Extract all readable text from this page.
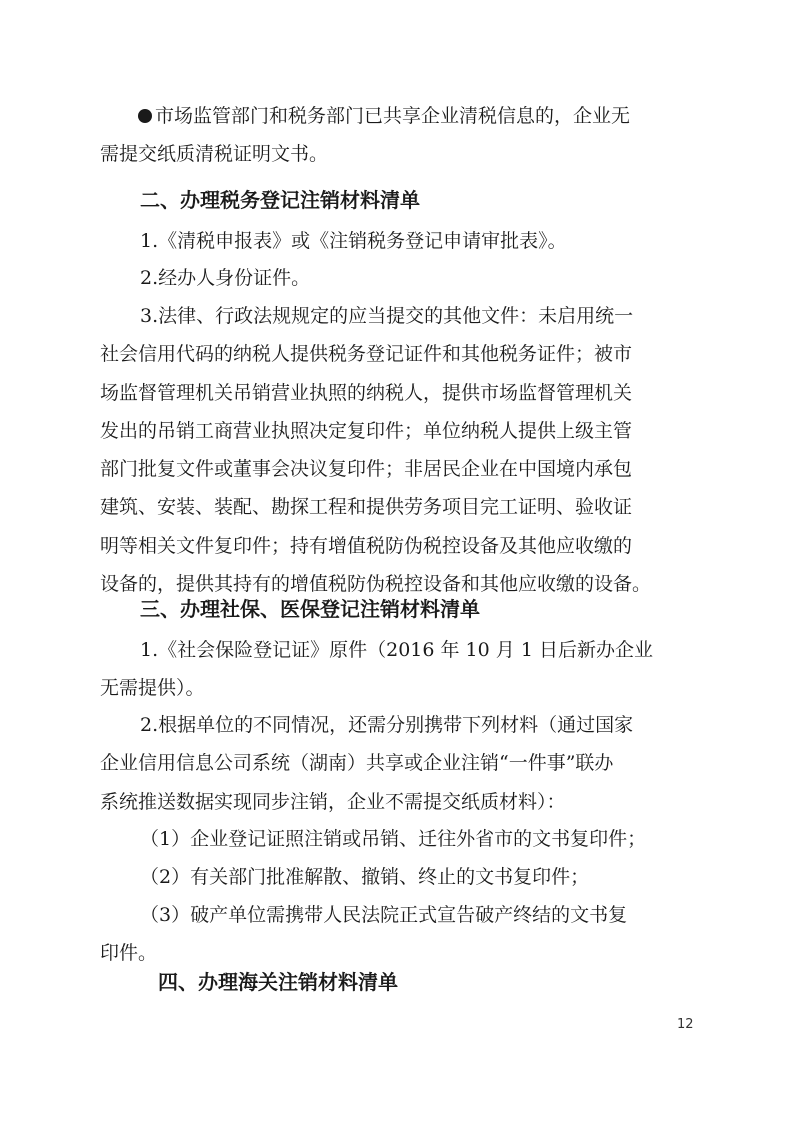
市场监管部门和税务部门已共享企业清税信息的，企业无
需提交纸质清税证明文书。
二、办理税务登记注销材料清单
1.《清税申报表》或《注销税务登记申请审批表》。
2.经办人身份证件。
3.法律、行政法规规定的应当提交的其他文件：未启用统一
社会信用代码的纳税人提供税务登记证件和其他税务证件；被市
场监督管理机关吊销营业执照的纳税人，提供市场监督管理机关
发出的吊销工商营业执照决定复印件；单位纳税人提供上级主管
部门批复文件或董事会决议复印件；非居民企业在中国境内承包
建筑、安装、装配、勘探工程和提供劳务项目完工证明、验收证
明等相关文件复印件；持有增值税防伪税控设备及其他应收缴的
设备的，提供其持有的增值税防伪税控设备和其他应收缴的设备。
三、办理社保、医保登记注销材料清单
1.《社会保险登记证》原件（2016 年 10 月 1 日后新办企业
无需提供）。
2.根据单位的不同情况，还需分别携带下列材料（通过国家
企业信用信息公司系统（湖南）共享或企业注销“一件事”联办
系统推送数据实现同步注销，企业不需提交纸质材料）：
（1）企业登记证照注销或吊销、迁往外省市的文书复印件；
（2）有关部门批准解散、撤销、终止的文书复印件；
（3）破产单位需携带人民法院正式宣告破产终结的文书复
印件。
四、办理海关注销材料清单
12
